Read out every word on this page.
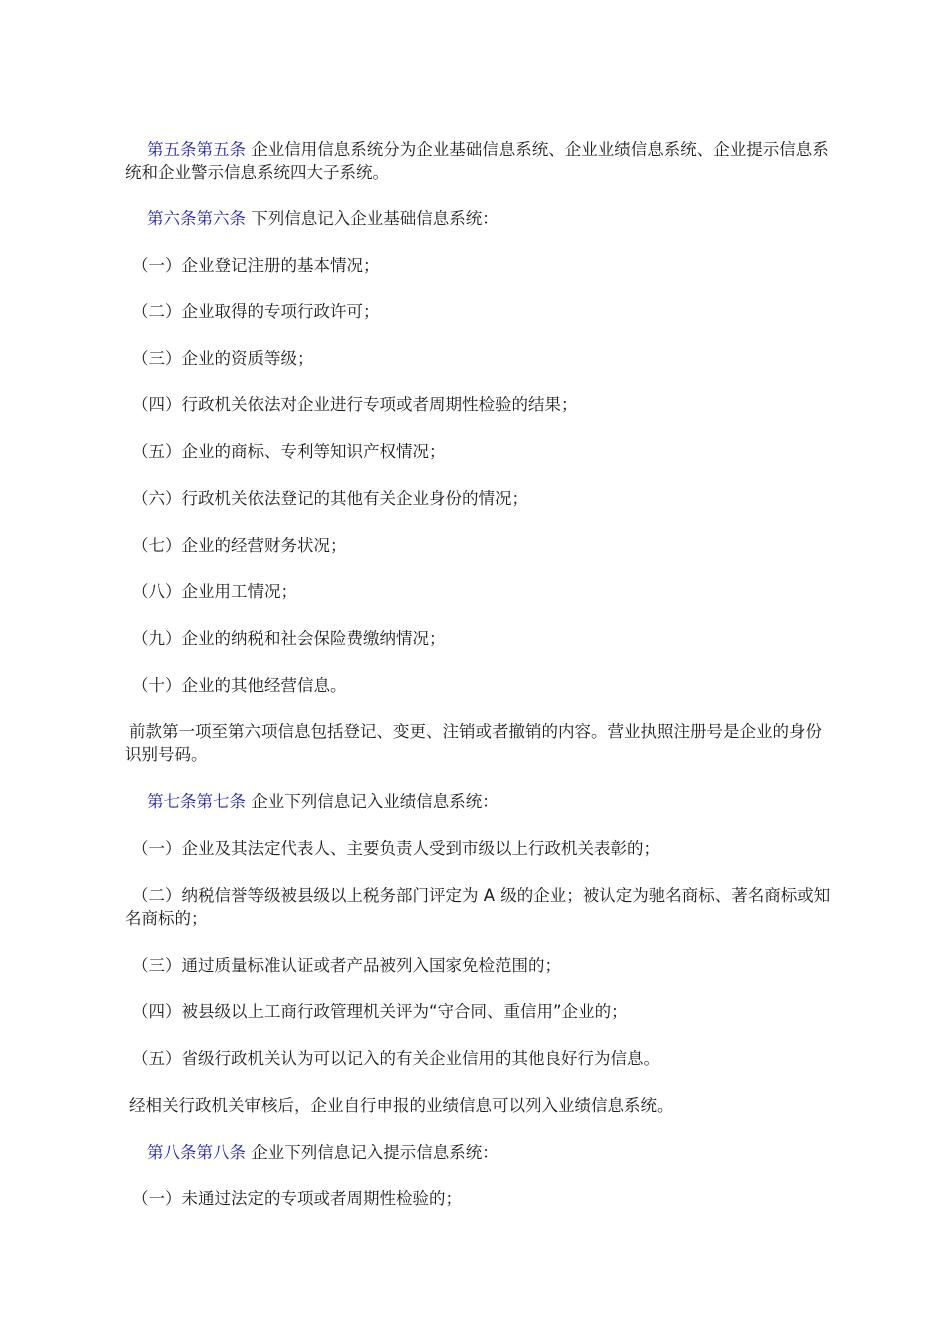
第五条第五条 企业信用信息系统分为企业基础信息系统、企业业绩信息系统、企业提示信息系统和企业警示信息系统四大子系统。

第六条第六条 下列信息记入企业基础信息系统：

（一）企业登记注册的基本情况；

（二）企业取得的专项行政许可；

（三）企业的资质等级；

（四）行政机关依法对企业进行专项或者周期性检验的结果；

（五）企业的商标、专利等知识产权情况；

（六）行政机关依法登记的其他有关企业身份的情况；

（七）企业的经营财务状况；

（八）企业用工情况；

（九）企业的纳税和社会保险费缴纳情况；

（十）企业的其他经营信息。

前款第一项至第六项信息包括登记、变更、注销或者撤销的内容。营业执照注册号是企业的身份识别号码。

第七条第七条 企业下列信息记入业绩信息系统：

（一）企业及其法定代表人、主要负责人受到市级以上行政机关表彰的；

（二）纳税信誉等级被县级以上税务部门评定为 A 级的企业；被认定为驰名商标、著名商标或知名商标的；

（三）通过质量标准认证或者产品被列入国家免检范围的；

（四）被县级以上工商行政管理机关评为“守合同、重信用”企业的；

（五）省级行政机关认为可以记入的有关企业信用的其他良好行为信息。

经相关行政机关审核后，企业自行申报的业绩信息可以列入业绩信息系统。

第八条第八条 企业下列信息记入提示信息系统：

（一）未通过法定的专项或者周期性检验的；
